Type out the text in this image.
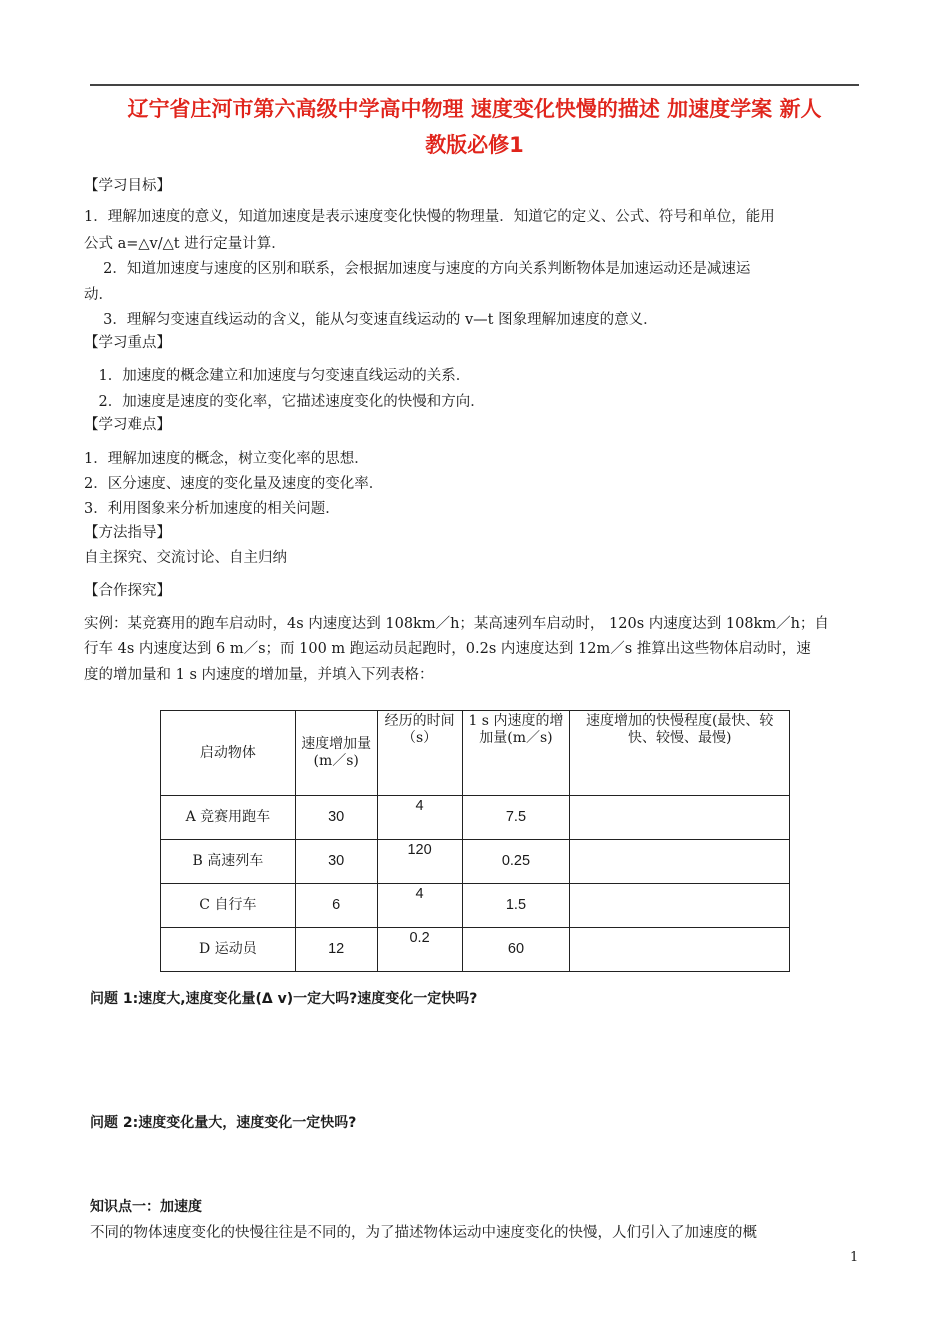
辽宁省庄河市第六高级中学高中物理 速度变化快慢的描述 加速度学案 新人
教版必修1
【学习目标】
1．理解加速度的意义，知道加速度是表示速度变化快慢的物理量．知道它的定义、公式、符号和单位，能用
公式 a=△v/△t 进行定量计算．
　 2．知道加速度与速度的区别和联系，会根据加速度与速度的方向关系判断物体是加速运动还是减速运
动．
　 3．理解匀变速直线运动的含义，能从匀变速直线运动的 v—t 图象理解加速度的意义．
【学习重点】
　1．加速度的概念建立和加速度与匀变速直线运动的关系．
　2．加速度是速度的变化率，它描述速度变化的快慢和方向．
【学习难点】
1．理解加速度的概念，树立变化率的思想．
2．区分速度、速度的变化量及速度的变化率．
3．利用图象来分析加速度的相关问题．
【方法指导】
自主探究、交流讨论、自主归纳
【合作探究】
实例：某竞赛用的跑车启动时，4s 内速度达到 108km／h；某高速列车启动时， 120s 内速度达到 108km／h；自
行车 4s 内速度达到 6 m／s；而 100 m 跑运动员起跑时，0.2s 内速度达到 12m／s 推算出这些物体启动时，速
度的增加量和 1 s 内速度的增加量，并填入下列表格：
启动物体	速度增加量(m／s)	经历的时间（s）	1 s 内速度的增加量(m／s)	速度增加的快慢程度(最快、较快、较慢、最慢)
A 竞赛用跑车	30	4	7.5	
B 高速列车	30	120	0.25	
C 自行车	6	4	1.5	
D 运动员	12	0.2	60	
问题 1:速度大,速度变化量(Δ v)一定大吗?速度变化一定快吗?
问题 2:速度变化量大，速度变化一定快吗?
知识点一：加速度
不同的物体速度变化的快慢往往是不同的，为了描述物体运动中速度变化的快慢，人们引入了加速度的概
1
